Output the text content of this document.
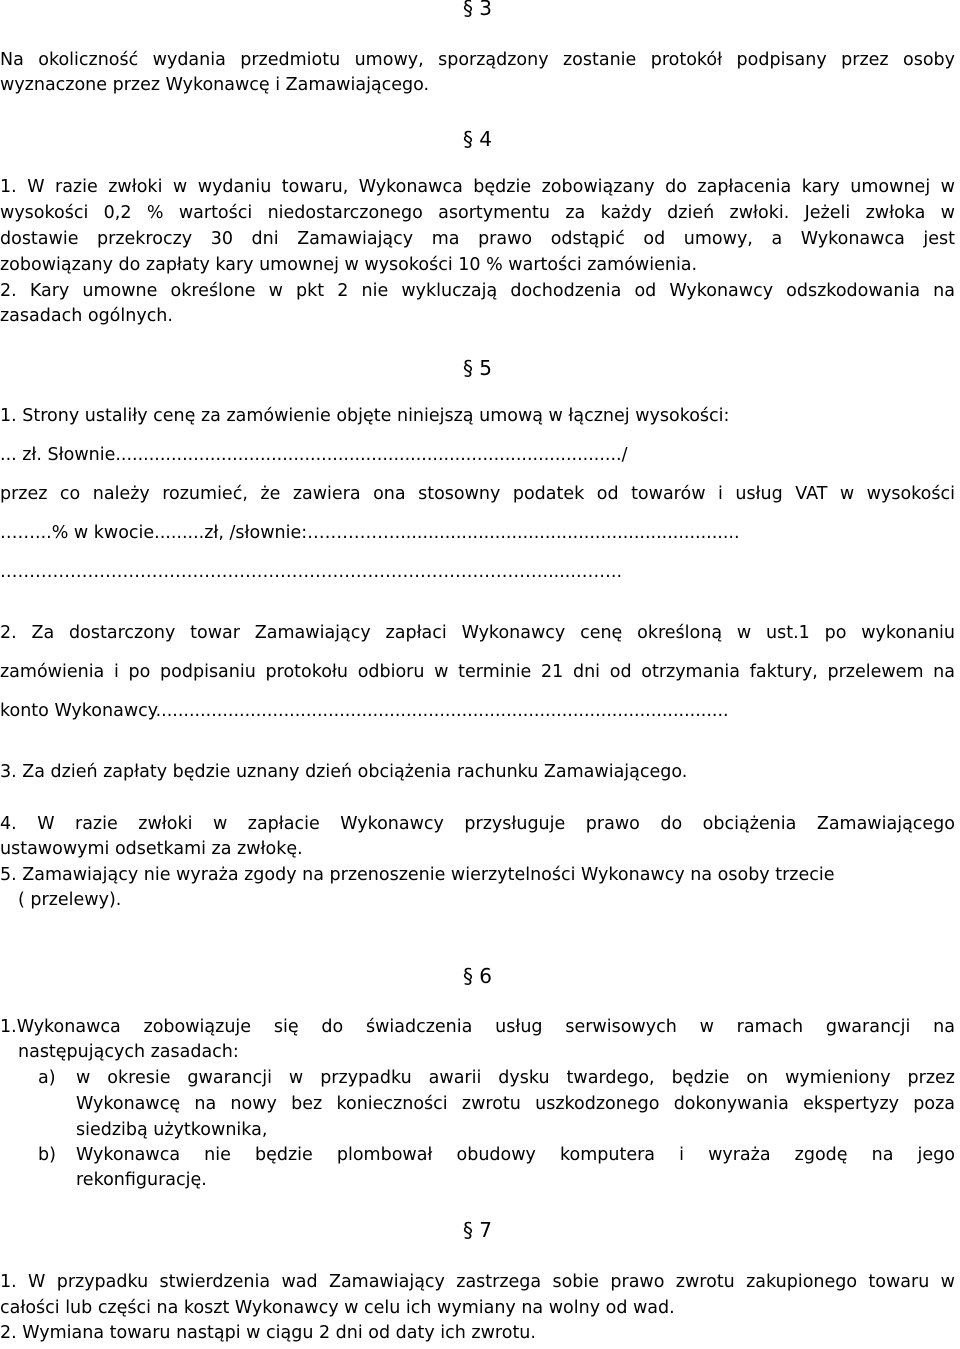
§ 3
Na okoliczność wydania przedmiotu umowy, sporządzony zostanie protokół podpisany przez osoby
wyznaczone przez Wykonawcę i Zamawiającego.
§ 4
1. W razie zwłoki w wydaniu towaru, Wykonawca będzie zobowiązany do zapłacenia kary umownej w
wysokości 0,2 % wartości niedostarczonego asortymentu za każdy dzień zwłoki. Jeżeli zwłoka w
dostawie przekroczy 30 dni Zamawiający ma prawo odstąpić od umowy, a Wykonawca jest
zobowiązany do zapłaty kary umownej w wysokości 10 % wartości zamówienia.
2. Kary umowne określone w pkt 2 nie wykluczają dochodzenia od Wykonawcy odszkodowania na
zasadach ogólnych.
§ 5
1. Strony ustaliły cenę za zamówienie objęte niniejszą umową w łącznej wysokości:
... zł. Słownie.........................................................................................../
przez co należy rozumieć, że zawiera ona stosowny podatek od towarów i usług VAT w wysokości
……...% w kwocie.........zł, /słownie:……………..............................................................
…………………………………………………………………………………......……..
2. Za dostarczony towar Zamawiający zapłaci Wykonawcy cenę określoną w ust.1 po wykonaniu
zamówienia i po podpisaniu protokołu odbioru w terminie 21 dni od otrzymania faktury, przelewem na
konto Wykonawcy.......................................................................................................
3. Za dzień zapłaty będzie uznany dzień obciążenia rachunku Zamawiającego.
4. W razie zwłoki w zapłacie Wykonawcy przysługuje prawo do obciążenia Zamawiającego
ustawowymi odsetkami za zwłokę.
5. Zamawiający nie wyraża zgody na przenoszenie wierzytelności Wykonawcy na osoby trzecie
( przelewy).
§ 6
1.Wykonawca zobowiązuje się do świadczenia usług serwisowych w ramach gwarancji na
następujących zasadach:
a)	w okresie gwarancji w przypadku awarii dysku twardego, będzie on wymieniony przez
Wykonawcę na nowy bez konieczności zwrotu uszkodzonego dokonywania ekspertyzy poza
siedzibą użytkownika,
b)	Wykonawca nie będzie plombował obudowy komputera i wyraża zgodę na jego
rekonfigurację.
§ 7
1. W przypadku stwierdzenia wad Zamawiający zastrzega sobie prawo zwrotu zakupionego towaru w
całości lub części na koszt Wykonawcy w celu ich wymiany na wolny od wad.
2. Wymiana towaru nastąpi w ciągu 2 dni od daty ich zwrotu.
